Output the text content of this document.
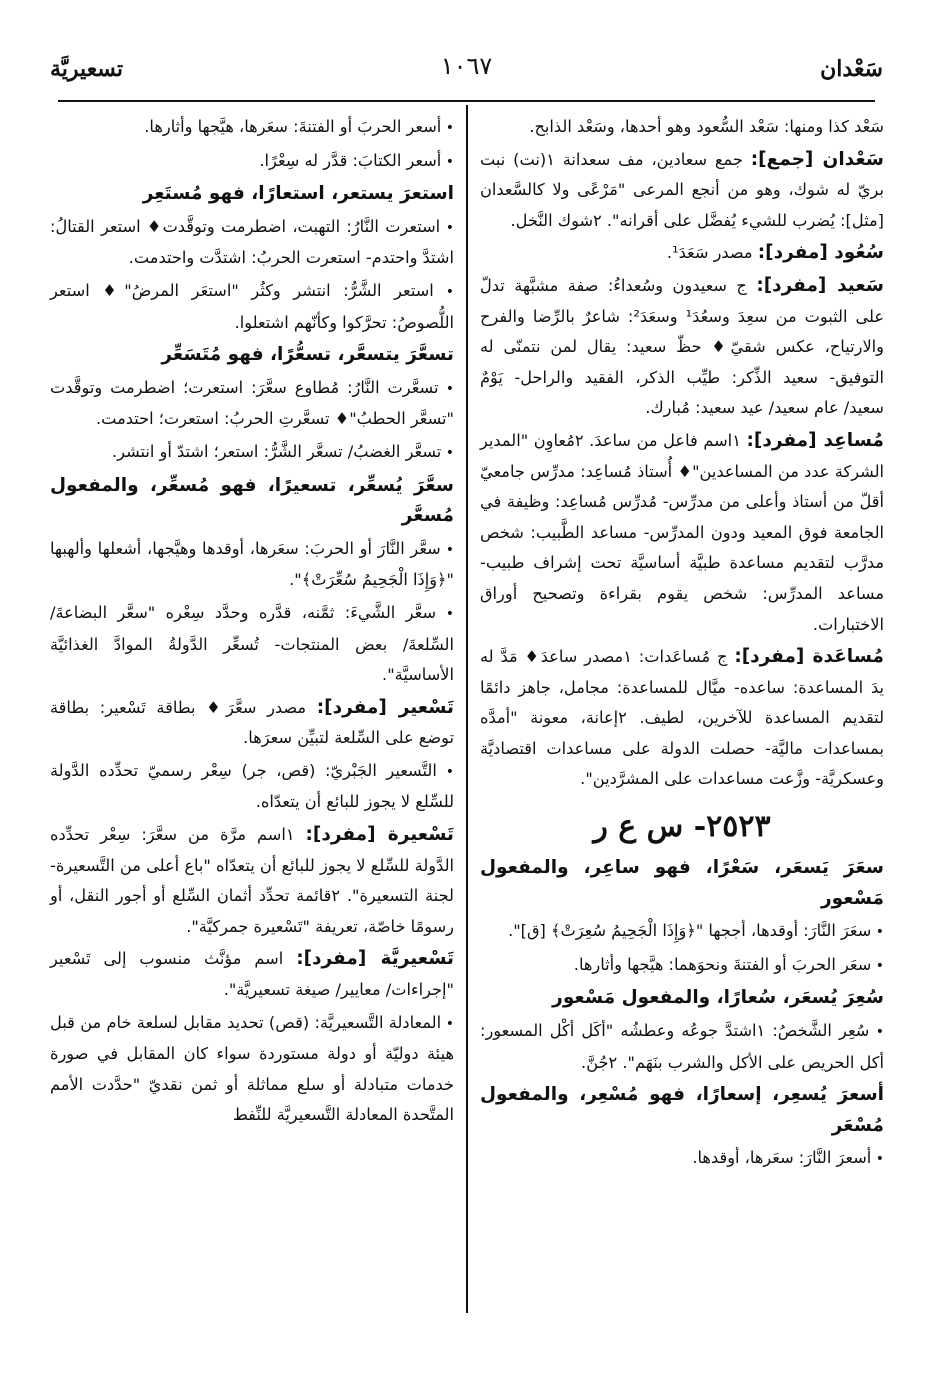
سَعْدان
١٠٦٧
تسعيريَّة

سَعْد كذا ومنها: سَعْد السُّعود وهو أحدها، وسَعْد الذابح.

سَعْدان [جمع]: جمع سعادين، مف سعدانة ١(نت) نبت بريّ له شوك، وهو من أنجع المرعى "مَرْعًى ولا كالسَّعدان [مثل]: يُضرب للشيء يُفضَّل على أقرانه". ٢شوك النَّخل.

سُعُود [مفرد]: مصدر سَعَدَ¹.

سَعيد [مفرد]: ج سعيدون وسُعداءُ: صفة مشبَّهة تدلّ على الثبوت من سعِدَ وسعُدَ¹ وسعَدَ²: شاعرٌ بالرِّضا والفرح والارتياح، عكس شقيّ♦ حظّ سعيد: يقال لمن نتمنّى له التوفيق- سعيد الذِّكر: طيِّب الذكر، الفقيد والراحل- يَوْمٌ سعيد/ عام سعيد/ عيد سعيد: مُبارك.

مُساعِد [مفرد]: ١اسم فاعل من ساعدَ. ٢مُعاوِن "المدير الشركة عدد من المساعدين"♦ أُستاذ مُساعِد: مدرِّس جامعيّ أقلّ من أستاذ وأعلى من مدرِّس- مُدرِّس مُساعِد: وظيفة في الجامعة فوق المعيد ودون المدرِّس- مساعد الطَّبيب: شخص مدرَّب لتقديم مساعدة طبيَّة أساسيَّة تحت إشراف طبيب- مساعد المدرِّس: شخص يقوم بقراءة وتصحيح أوراق الاختبارات.

مُساعَدة [مفرد]: ج مُساعَدات: ١مصدر ساعدَ♦ مَدَّ له يدَ المساعدة: ساعده- ميَّال للمساعدة: مجامل، جاهز دائمًا لتقديم المساعدة للآخرين، لطيف. ٢إعانة، معونة "أمدَّه بمساعدات ماليَّة- حصلت الدولة على مساعدات اقتصاديَّة وعسكريَّة- وزَّعت مساعدات على المشرَّدين".

٢٥٢٣- س ع ر

سعَرَ يَسعَر، سَعْرًا، فهو ساعِر، والمفعول مَسْعور

• سعَرَ النَّارَ: أوقدها، أججها "﴿وَإِذَا الْجَحِيمُ سُعِرَتْ﴾ [ق]".

• سعَر الحربَ أو الفتنةَ ونحوَهما: هيَّجها وأثارها.

سُعِرَ يُسعَر، سُعارًا، والمفعول مَسْعور

• سُعِر الشَّخصُ: ١اشتدَّ جوعُه وعطشُه "أكَل أكْل المسعور: أكل الحريص على الأكل والشرب بنَهَم". ٢جُنَّ.

أسعرَ يُسعِر، إسعارًا، فهو مُسْعِر، والمفعول مُسْعَر

• أسعرَ النَّارَ: سعَرها، أوقدها.

• أسعر الحربَ أو الفتنةَ: سعَرها، هيَّجها وأثارها.

• أسعر الكتابَ: قدَّر له سِعْرًا.

استعرَ يستعر، استعارًا، فهو مُستَعِر

• استعرت النَّارُ: التهبت، اضطرمت وتوقَّدت♦ استعر القتالُ: اشتدَّ واحتدم- استعرت الحربُ: اشتدَّت واحتدمت.

• استعر الشَّرُّ: انتشر وكثُر "استعَر المرضُ"♦ استعر اللُّصوصُ: تحرَّكوا وكأنّهم اشتعلوا.

تسعَّرَ يتسعَّر، تسعُّرًا، فهو مُتَسَعِّر

• تسعَّرت النَّارُ: مُطاوع سعَّرَ: استعرت؛ اضطرمت وتوقَّدت "تسعَّر الحطبُ"♦ تسعَّرتِ الحربُ: استعرت؛ احتدمت.

• تسعَّر الغضبُ/ تسعَّر الشَّرُّ: استعر؛ اشتدّ أو انتشر.

سعَّرَ يُسعِّر، تسعيرًا، فهو مُسعِّر، والمفعول مُسعَّر

• سعَّر النَّارَ أو الحربَ: سعَرها، أوقدها وهيَّجها، أشعلها وألهبها "﴿وَإِذَا الْجَحِيمُ سُعِّرَتْ﴾".

• سعَّر الشَّيءَ: ثمَّنه، قدَّره وحدَّد سِعْره "سعَّر البضاعةَ/ السِّلعةَ/ بعض المنتجات- تُسعِّر الدَّولةُ الموادَّ الغذائيَّة الأساسيَّة".

تَسْعير [مفرد]: مصدر سعَّرَ♦ بطاقة تَسْعير: بطاقة توضع على السِّلعة لتبيِّن سعرَها.

• التَّسعير الجَبْريّ: (قص، جر) سِعْر رسميّ تحدِّده الدَّولة للسِّلع لا يجوز للبائع أن يتعدّاه.

تَسْعيرة [مفرد]: ١اسم مرَّة من سعَّرَ: سِعْر تحدِّده الدَّولة للسِّلع لا يجوز للبائع أن يتعدّاه "باع أعلى من التَّسعيرة- لجنة التسعيرة". ٢قائمة تحدِّد أثمان السِّلع أو أجور النقل، أو رسومًا خاصّة، تعريفة "تَسْعيرة جمركيَّة".

تَسْعيريَّة [مفرد]: اسم مؤنَّث منسوب إلى تَسْعير "إجراءات/ معايير/ صيغة تسعيريَّة".

• المعادلة التَّسعيريَّة: (قص) تحديد مقابل لسلعة خام من قبل هيئة دوليّة أو دولة مستوردة سواء كان المقابل في صورة خدمات متبادلة أو سلع مماثلة أو ثمن نقديّ "حدَّدت الأمم المتَّحدة المعادلة التَّسعيريَّة للنِّفط
